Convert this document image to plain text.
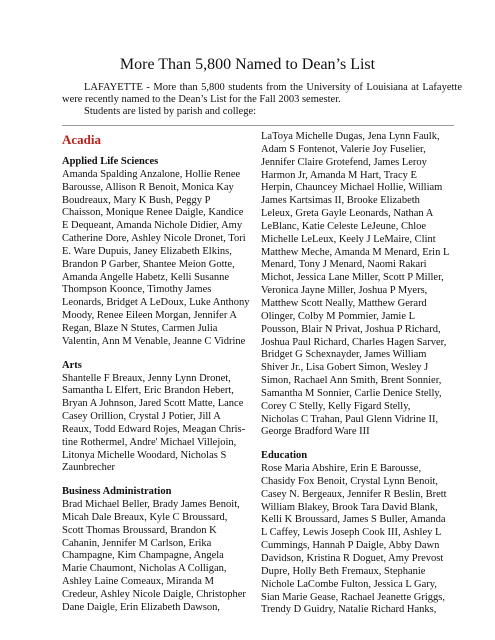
More Than 5,800 Named to Dean’s List

LAFAYETTE - More than 5,800 students from the University of Louisiana at Lafayette were recently named to the Dean’s List for the Fall 2003 semester.

Students are listed by parish and college:

Acadia
Applied Life Sciences
Amanda Spalding Anzalone, Hollie Renee
Barousse, Allison R Benoit, Monica Kay
Boudreaux, Mary K Bush, Peggy P
Chaisson, Monique Renee Daigle, Kandice
E Dequeant, Amanda Nichole Didier, Amy
Catherine Dore, Ashley Nicole Dronet, Tori
E. Ware Dupuis, Janey Elizabeth Elkins,
Brandon P Garber, Shantee Meion Gotte,
Amanda Angelle Habetz, Kelli Susanne
Thompson Koonce, Timothy James
Leonards, Bridget A LeDoux, Luke Anthony
Moody, Renee Eileen Morgan, Jennifer A
Regan, Blaze N Stutes, Carmen Julia
Valentin, Ann M Venable, Jeanne C Vidrine
Arts
Shantelle F Breaux, Jenny Lynn Dronet,
Samantha L Elfert, Eric Brandon Hebert,
Bryan A Johnson, Jared Scott Matte, Lance
Casey Orillion, Crystal J Potier, Jill A
Reaux, Todd Edward Rojes, Meagan Chris-
tine Rothermel, Andre' Michael Villejoin,
Litonya Michelle Woodard, Nicholas S
Zaunbrecher
Business Administration
Brad Michael Beller, Brady James Benoit,
Micah Dale Breaux, Kyle C Broussard,
Scott Thomas Broussard, Brandon K
Cahanin, Jennifer M Carlson, Erika
Champagne, Kim Champagne, Angela
Marie Chaumont, Nicholas A Colligan,
Ashley Laine Comeaux, Miranda M
Credeur, Ashley Nicole Daigle, Christopher
Dane Daigle, Erin Elizabeth Dawson,
LaToya Michelle Dugas, Jena Lynn Faulk,
Adam S Fontenot, Valerie Joy Fuselier,
Jennifer Claire Grotefend, James Leroy
Harmon Jr, Amanda M Hart, Tracy E
Herpin, Chauncey Michael Hollie, William
James Kartsimas II, Brooke Elizabeth
Leleux, Greta Gayle Leonards, Nathan A
LeBlanc, Katie Celeste LeJeune, Chloe
Michelle LeLeux, Keely J LeMaire, Clint
Matthew Meche, Amanda M Menard, Erin L
Menard, Tony J Menard, Naomi Rakari
Michot, Jessica Lane Miller, Scott P Miller,
Veronica Jayne Miller, Joshua P Myers,
Matthew Scott Neally, Matthew Gerard
Olinger, Colby M Pommier, Jamie L
Pousson, Blair N Privat, Joshua P Richard,
Joshua Paul Richard, Charles Hagen Sarver,
Bridget G Schexnayder, James William
Shiver Jr., Lisa Gobert Simon, Wesley J
Simon, Rachael Ann Smith, Brent Sonnier,
Samantha M Sonnier, Carlie Denice Stelly,
Corey C Stelly, Kelly Figard Stelly,
Nicholas C Trahan, Paul Glenn Vidrine II,
George Bradford Ware III
Education
Rose Maria Abshire, Erin E Barousse,
Chasidy Fox Benoit, Crystal Lynn Benoit,
Casey N. Bergeaux, Jennifer R Beslin, Brett
William Blakey, Brook Tara David Blank,
Kelli K Broussard, James S Buller, Amanda
L Caffey, Lewis Joseph Cook III, Ashley L
Cummings, Hannah P Daigle, Abby Dawn
Davidson, Kristina R Doguet, Amy Prevost
Dupre, Holly Beth Fremaux, Stephanie
Nichole LaCombe Fulton, Jessica L Gary,
Sian Marie Gease, Rachael Jeanette Griggs,
Trendy D Guidry, Natalie Richard Hanks,
